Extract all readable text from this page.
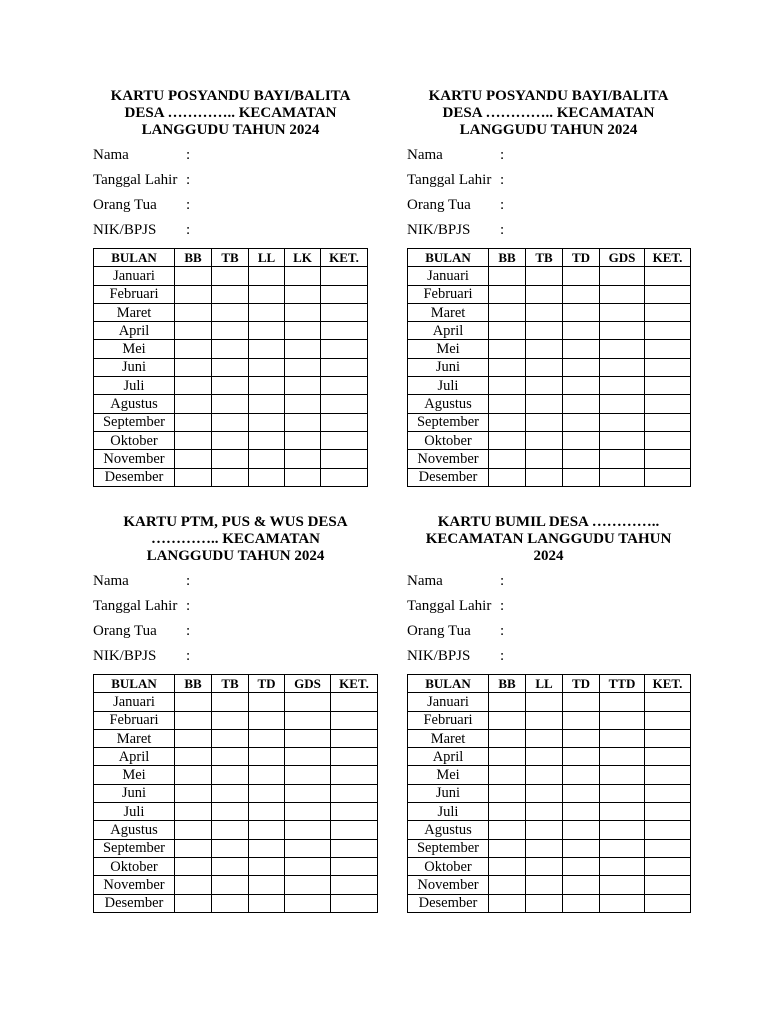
KARTU POSYANDU BAYI/BALITA
DESA ………….. KECAMATAN
LANGGUDU TAHUN 2024
Nama	:
Tanggal Lahir :
Orang Tua	:
NIK/BPJS	:
BULAN	BB	TB	LL	LK	KET.
Januari					
Februari					
Maret					
April					
Mei					
Juni					
Juli					
Agustus					
September					
Oktober					
November					
Desember					
KARTU POSYANDU BAYI/BALITA
DESA ………….. KECAMATAN
LANGGUDU TAHUN 2024
Nama	:
Tanggal Lahir :
Orang Tua	:
NIK/BPJS	:
BULAN	BB	TB	TD	GDS	KET.
Januari					
Februari					
Maret					
April					
Mei					
Juni					
Juli					
Agustus					
September					
Oktober					
November					
Desember					
KARTU PTM, PUS & WUS DESA
………….. KECAMATAN
LANGGUDU TAHUN 2024
Nama	:
Tanggal Lahir :
Orang Tua	:
NIK/BPJS	:
BULAN	BB	TB	TD	GDS	KET.
Januari					
Februari					
Maret					
April					
Mei					
Juni					
Juli					
Agustus					
September					
Oktober					
November					
Desember					
KARTU BUMIL DESA …………..
KECAMATAN LANGGUDU TAHUN
2024
Nama	:
Tanggal Lahir :
Orang Tua	:
NIK/BPJS	:
BULAN	BB	LL	TD	TTD	KET.
Januari					
Februari					
Maret					
April					
Mei					
Juni					
Juli					
Agustus					
September					
Oktober					
November					
Desember					
